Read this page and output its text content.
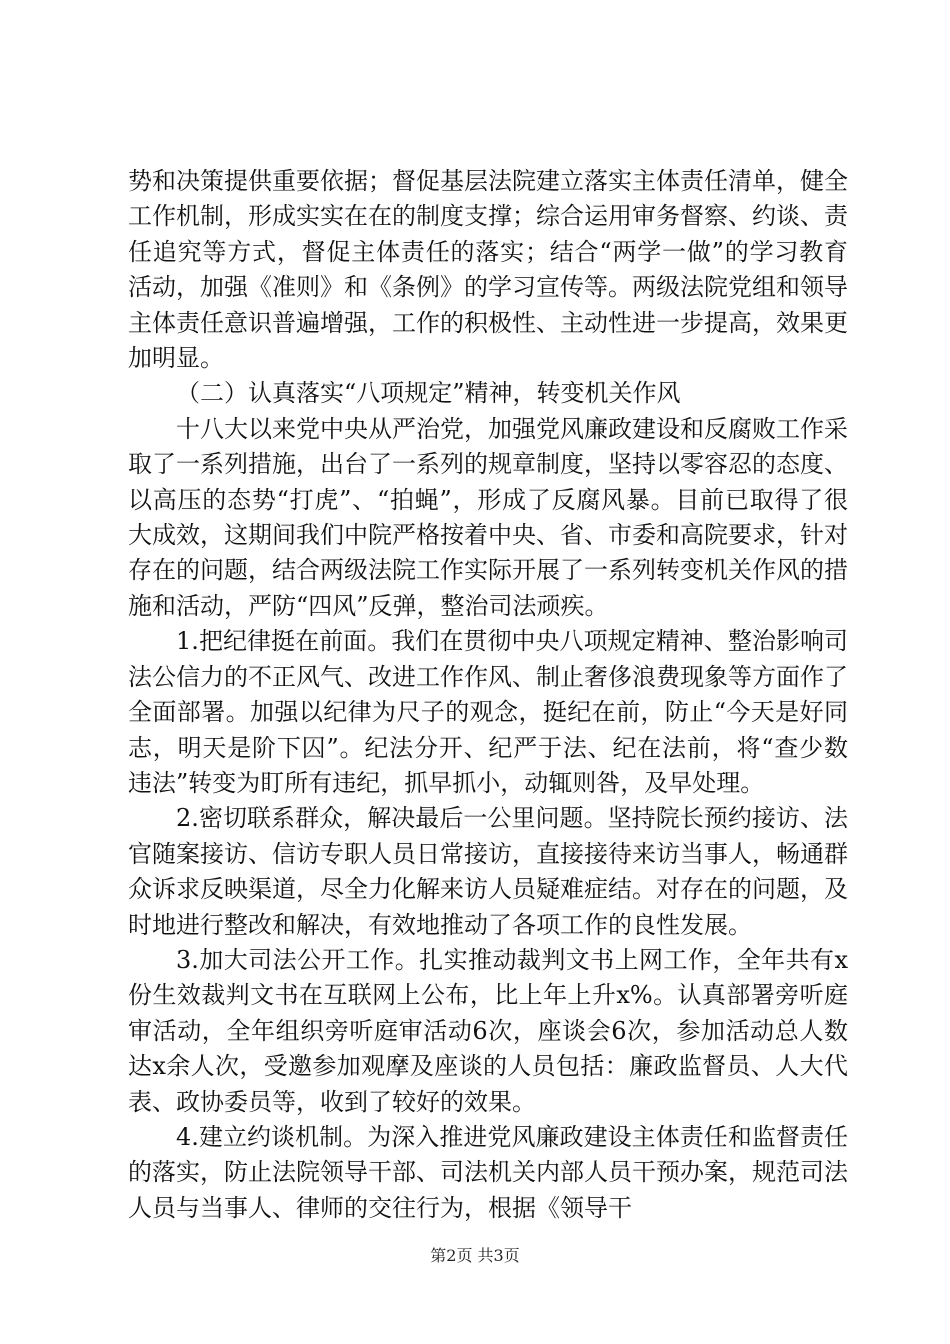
势和决策提供重要依据；督促基层法院建立落实主体责任清单，健全工作机制，形成实实在在的制度支撑；综合运用审务督察、约谈、责任追究等方式，督促主体责任的落实；结合“两学一做”的学习教育活动，加强《准则》和《条例》的学习宣传等。两级法院党组和领导主体责任意识普遍增强，工作的积极性、主动性进一步提高，效果更加明显。

（二）认真落实“八项规定”精神，转变机关作风

十八大以来党中央从严治党，加强党风廉政建设和反腐败工作采取了一系列措施，出台了一系列的规章制度，坚持以零容忍的态度、以高压的态势“打虎”、“拍蝇”，形成了反腐风暴。目前已取得了很大成效，这期间我们中院严格按着中央、省、市委和高院要求，针对存在的问题，结合两级法院工作实际开展了一系列转变机关作风的措施和活动，严防“四风”反弹，整治司法顽疾。

1.把纪律挺在前面。我们在贯彻中央八项规定精神、整治影响司法公信力的不正风气、改进工作作风、制止奢侈浪费现象等方面作了全面部署。加强以纪律为尺子的观念，挺纪在前，防止“今天是好同志，明天是阶下囚”。纪法分开、纪严于法、纪在法前，将“查少数违法”转变为盯所有违纪，抓早抓小，动辄则咎，及早处理。

2.密切联系群众，解决最后一公里问题。坚持院长预约接访、法官随案接访、信访专职人员日常接访，直接接待来访当事人，畅通群众诉求反映渠道，尽全力化解来访人员疑难症结。对存在的问题，及时地进行整改和解决，有效地推动了各项工作的良性发展。

3.加大司法公开工作。扎实推动裁判文书上网工作，全年共有x份生效裁判文书在互联网上公布，比上年上升x%。认真部署旁听庭审活动，全年组织旁听庭审活动6次，座谈会6次，参加活动总人数达x余人次，受邀参加观摩及座谈的人员包括：廉政监督员、人大代表、政协委员等，收到了较好的效果。

4.建立约谈机制。为深入推进党风廉政建设主体责任和监督责任的落实，防止法院领导干部、司法机关内部人员干预办案，规范司法人员与当事人、律师的交往行为，根据《领导干

第2页 共3页
